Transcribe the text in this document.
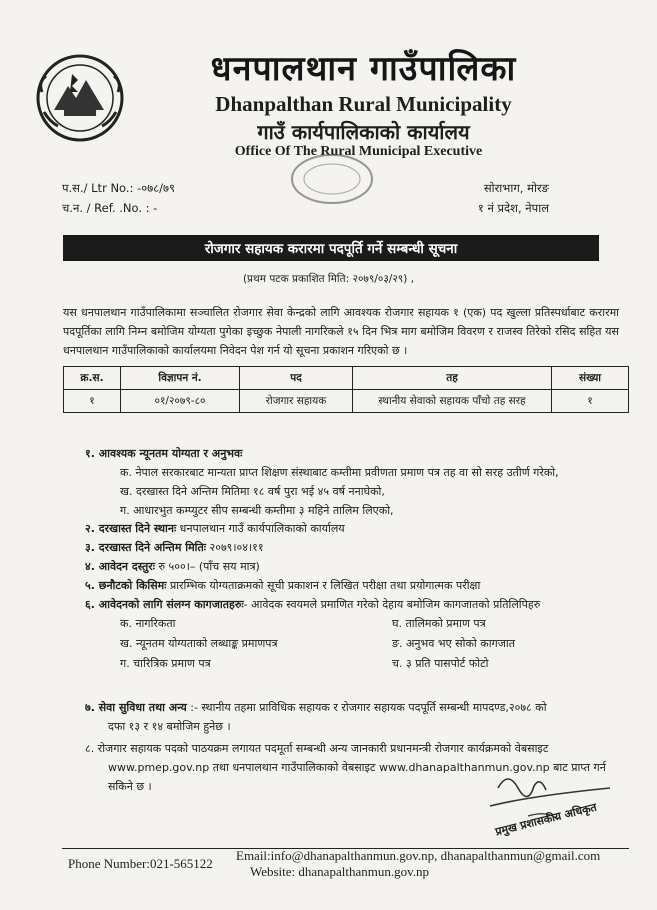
धनपालथान गाउँपालिका
Dhanpalthan Rural Municipality
गाउँ कार्यपालिकाको कार्यालय
Office Of The Rural Municipal Executive
प.स./ Ltr No.: -०७८/७९
च.न. / Ref. .No. : -
सोराभाग, मोरङ
१ नं प्रदेश, नेपाल
रोजगार सहायक करारमा पदपूर्ति गर्ने सम्बन्धी सूचना
(प्रथम पटक प्रकाशित मिति: २०७९/०३/२९) ,
यस धनपालथान गाउँपालिकामा सञ्चालित रोजगार सेवा केन्द्रको लागि आवश्यक रोजगार सहायक १ (एक) पद खुल्ला प्रतिस्पर्धाबाट करारमा पदपूर्तिका लागि निम्न बमोजिम योग्यता पुगेका इच्छुक नेपाली नागरिकले १५ दिन भित्र माग बमोजिम विवरण र राजस्व तिरेको रसिद सहित यस धनपालथान गाउँपालिकाको कार्यालयमा निवेदन पेश गर्न यो सूचना प्रकाशन गरिएको छ ।
क्र.स.	विज्ञापन नं.	पद	तह	संख्या
१	०१/२०७९-८०	रोजगार सहायक	स्थानीय सेवाको सहायक पाँचो तह सरह	१
१. आवश्यक न्यूनतम योग्यता र अनुभवः
क. नेपाल सरकारबाट मान्यता प्राप्त शिक्षण संस्थाबाट कम्तीमा प्रवीणता प्रमाण पत्र तह वा सो सरह उतीर्ण गरेको,
ख. दरखास्त दिने अन्तिम मितिमा १८ वर्ष पुरा भई ४५ वर्ष ननाघेको,
ग. आधारभुत कम्प्युटर सीप सम्बन्धी कम्तीमा ३ महिने तालिम लिएको,
२. दरखास्त दिने स्थानः धनपालथान गाउँ कार्यपालिकाको कार्यालय
३. दरखास्त दिने अन्तिम मितिः २०७९।०४।११
४. आवेदन दस्तुरः रु ५००।– (पाँच सय मात्र)
५. छनौटको किसिमः प्रारम्भिक योग्यताक्रमको सूची प्रकाशन र लिखित परीक्षा तथा प्रयोगात्मक परीक्षा
६. आवेदनको लागि संलग्न कागजातहरुः- आवेदक स्वयमले प्रमाणित गरेको देहाय बमोजिम कागजातको प्रतिलिपिहरु
क. नागरिकता
ख. न्यूनतम योग्यताको लब्धाङ्क प्रमाणपत्र
ग. चारित्रिक प्रमाण पत्र
घ. तालिमको प्रमाण पत्र
ङ. अनुभव भए सोको कागजात
च. ३ प्रति पासपोर्ट फोटो
७. सेवा सुविधा तथा अन्य :- स्थानीय तहमा प्राविधिक सहायक र रोजगार सहायक पदपूर्ति सम्बन्धी मापदण्ड,२०७८ को
दफा १३ र १४ बमोजिम हुनेछ ।
८. रोजगार सहायक पदको पाठयक्रम लगायत पदमूर्ता सम्बन्धी अन्य जानकारी प्रधानमन्त्री रोजगार कार्यक्रमको वेबसाइट
www.pmep.gov.np तथा धनपालथान गाउँपालिकाको वेबसाइट www.dhanapalthanmun.gov.np बाट प्राप्त गर्न
सकिने छ ।
प्रमुख प्रशासकीय अधिकृत
Phone Number:021-565122
Email:info@dhanapalthanmun.gov.np, dhanapalthanmun@gmail.com
Website: dhanapalthanmun.gov.np
